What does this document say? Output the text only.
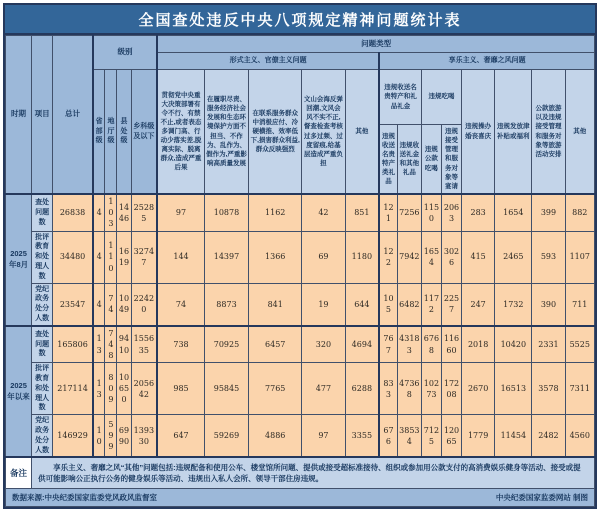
全国查处违反中央八项规定精神问题统计表
时期	项目	总计	级别				问题类型												
							形式主义、官僚主义问题					享乐主义、奢靡之风问题							
			省部级	地厅级	县处级	乡科级及以下	贯彻党中央重大决策部署有令不行、有禁不止,或者表态多调门高、行动少落实差,脱离实际、脱离群众,造成严重后果	在履职尽责、服务经济社会发展和生态环境保护方面不担当、不作为、乱作为、假作为,严重影响高质量发展	在联系服务群众中消极应付、冷硬横推、效率低下,损害群众利益,群众反映强烈	文山会海反弹回潮,文风会风不实不正,督查检查考核过多过频、过度留痕,给基层造成严重负担	其他	违规收送名贵特产和礼品礼金		违规吃喝		违规操办婚丧喜庆	违规发放津补贴或福利	公款旅游以及违规接受管理和服务对象等旅游活动安排	其他
												违规收送名贵特产类礼品	违规收送礼金和其他礼品	违规公款吃喝	违规接受管理和服务对象等宴请				
2025年8月	查处问题数	26838	4	103	1446	25285	97	10878	1162	42	851	121	7256	1150	2063	283	1654	399	882
	批评教育和处理人数	34480	4	110	1619	32747	144	14397	1366	69	1180	122	7942	1654	3026	415	2465	593	1107
	党纪政务处分人数	23547	4	74	1049	22420	74	8873	841	19	644	105	6482	1172	2257	247	1732	390	711
2025年以来	查处问题数	165806	13	748	9410	155635	738	70925	6457	320	4694	767	43183	6768	11660	2018	10420	2331	5525
	批评教育和处理人数	217114	13	809	10650	205642	985	95845	7765	477	6288	833	47368	10273	17208	2670	16513	3578	7311
	党纪政务处分人数	146929	10	599	6990	139330	647	59269	4886	97	3355	676	38534	7125	12065	1779	11454	2482	4560
备注	享乐主义、奢靡之风“其他”问题包括:违规配备和使用公车、楼堂馆所问题、提供或接受超标准接待、组织或参加用公款支付的高消费娱乐健身等活动、接受或提供可能影响公正执行公务的健身娱乐等活动、违规出入私人会所、领导干部住房违规。																		

数据来源:中央纪委国家监委党风政风监督室 中央纪委国家监委网站 制图																			
